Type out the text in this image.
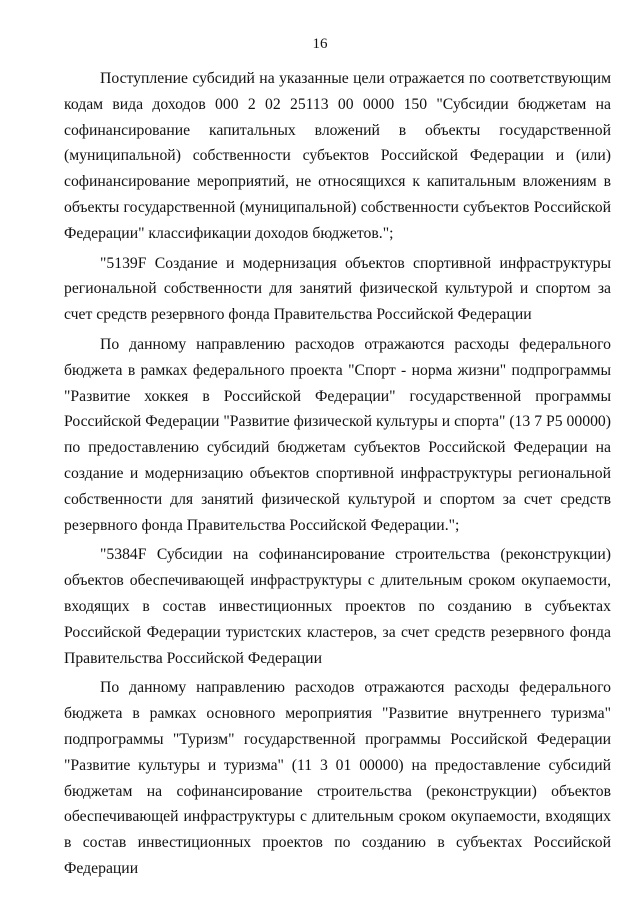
16

Поступление субсидий на указанные цели отражается по соответствующим кодам вида доходов 000 2 02 25113 00 0000 150 "Субсидии бюджетам на софинансирование капитальных вложений в объекты государственной (муниципальной) собственности субъектов Российской Федерации и (или) софинансирование мероприятий, не относящихся к капитальным вложениям в объекты государственной (муниципальной) собственности субъектов Российской Федерации" классификации доходов бюджетов.";

"5139F Создание и модернизация объектов спортивной инфраструктуры региональной собственности для занятий физической культурой и спортом за счет средств резервного фонда Правительства Российской Федерации

По данному направлению расходов отражаются расходы федерального бюджета в рамках федерального проекта "Спорт - норма жизни" подпрограммы "Развитие хоккея в Российской Федерации" государственной программы Российской Федерации "Развитие физической культуры и спорта" (13 7 P5 00000) по предоставлению субсидий бюджетам субъектов Российской Федерации на создание и модернизацию объектов спортивной инфраструктуры региональной собственности для занятий физической культурой и спортом за счет средств резервного фонда Правительства Российской Федерации.";

"5384F Субсидии на софинансирование строительства (реконструкции) объектов обеспечивающей инфраструктуры с длительным сроком окупаемости, входящих в состав инвестиционных проектов по созданию в субъектах Российской Федерации туристских кластеров, за счет средств резервного фонда Правительства Российской Федерации

По данному направлению расходов отражаются расходы федерального бюджета в рамках основного мероприятия "Развитие внутреннего туризма" подпрограммы "Туризм" государственной программы Российской Федерации "Развитие культуры и туризма" (11 3 01 00000) на предоставление субсидий бюджетам на софинансирование строительства (реконструкции) объектов обеспечивающей инфраструктуры с длительным сроком окупаемости, входящих в состав инвестиционных проектов по созданию в субъектах Российской Федерации
